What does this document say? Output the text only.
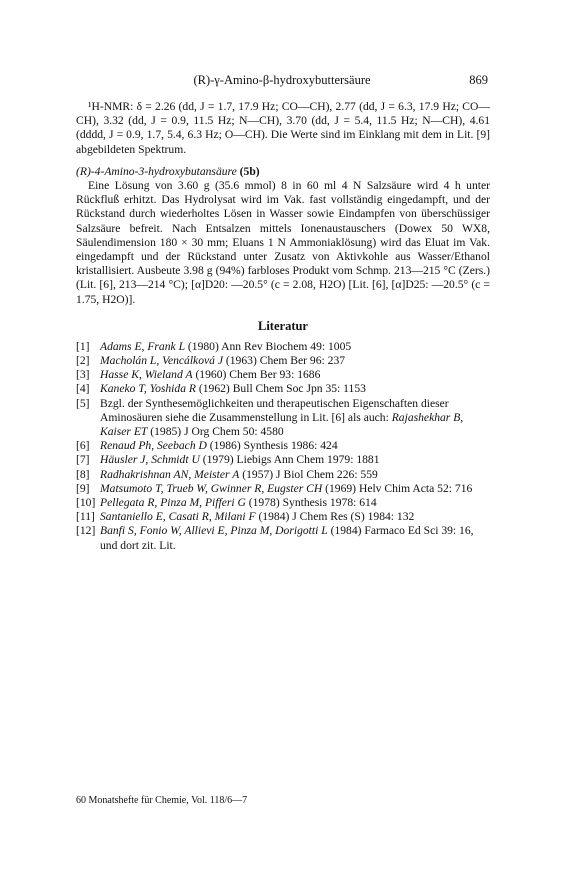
(R)-γ-Amino-β-hydroxybuttersäure	869

¹H-NMR: δ = 2.26 (dd, J = 1.7, 17.9 Hz; CO—CH), 2.77 (dd, J = 6.3, 17.9 Hz; CO—CH), 3.32 (dd, J = 0.9, 11.5 Hz; N—CH), 3.70 (dd, J = 5.4, 11.5 Hz; N—CH), 4.61 (dddd, J = 0.9, 1.7, 5.4, 6.3 Hz; O—CH). Die Werte sind im Einklang mit dem in Lit. [9] abgebildeten Spektrum.

(R)-4-Amino-3-hydroxybutansäure (5b)

Eine Lösung von 3.60 g (35.6 mmol) 8 in 60 ml 4 N Salzsäure wird 4 h unter Rückfluß erhitzt. Das Hydrolysat wird im Vak. fast vollständig eingedampft, und der Rückstand durch wiederholtes Lösen in Wasser sowie Eindampfen von überschüssiger Salzsäure befreit. Nach Entsalzen mittels Ionenaustauschers (Dowex 50 WX8, Säulendimension 180 × 30 mm; Eluans 1 N Ammoniaklösung) wird das Eluat im Vak. eingedampft und der Rückstand unter Zusatz von Aktivkohle aus Wasser/Ethanol kristallisiert. Ausbeute 3.98 g (94%) farbloses Produkt vom Schmp. 213—215 °C (Zers.) (Lit. [6], 213—214 °C); [α]D20: —20.5° (c = 2.08, H2O) [Lit. [6], [α]D25: —20.5° (c = 1.75, H2O)].

Literatur
[1] Adams E, Frank L (1980) Ann Rev Biochem 49: 1005
[2] Macholán L, Vencálková J (1963) Chem Ber 96: 237
[3] Hasse K, Wieland A (1960) Chem Ber 93: 1686
[4] Kaneko T, Yoshida R (1962) Bull Chem Soc Jpn 35: 1153
[5] Bzgl. der Synthesemöglichkeiten und therapeutischen Eigenschaften dieser Aminosäuren siehe die Zusammenstellung in Lit. [6] als auch: Rajashekhar B, Kaiser ET (1985) J Org Chem 50: 4580
[6] Renaud Ph, Seebach D (1986) Synthesis 1986: 424
[7] Häusler J, Schmidt U (1979) Liebigs Ann Chem 1979: 1881
[8] Radhakrishnan AN, Meister A (1957) J Biol Chem 226: 559
[9] Matsumoto T, Trueb W, Gwinner R, Eugster CH (1969) Helv Chim Acta 52: 716
[10] Pellegata R, Pinza M, Pifferi G (1978) Synthesis 1978: 614
[11] Santaniello E, Casati R, Milani F (1984) J Chem Res (S) 1984: 132
[12] Banfi S, Fonio W, Allievi E, Pinza M, Dorigotti L (1984) Farmaco Ed Sci 39: 16, und dort zit. Lit.
60 Monatshefte für Chemie, Vol. 118/6—7
